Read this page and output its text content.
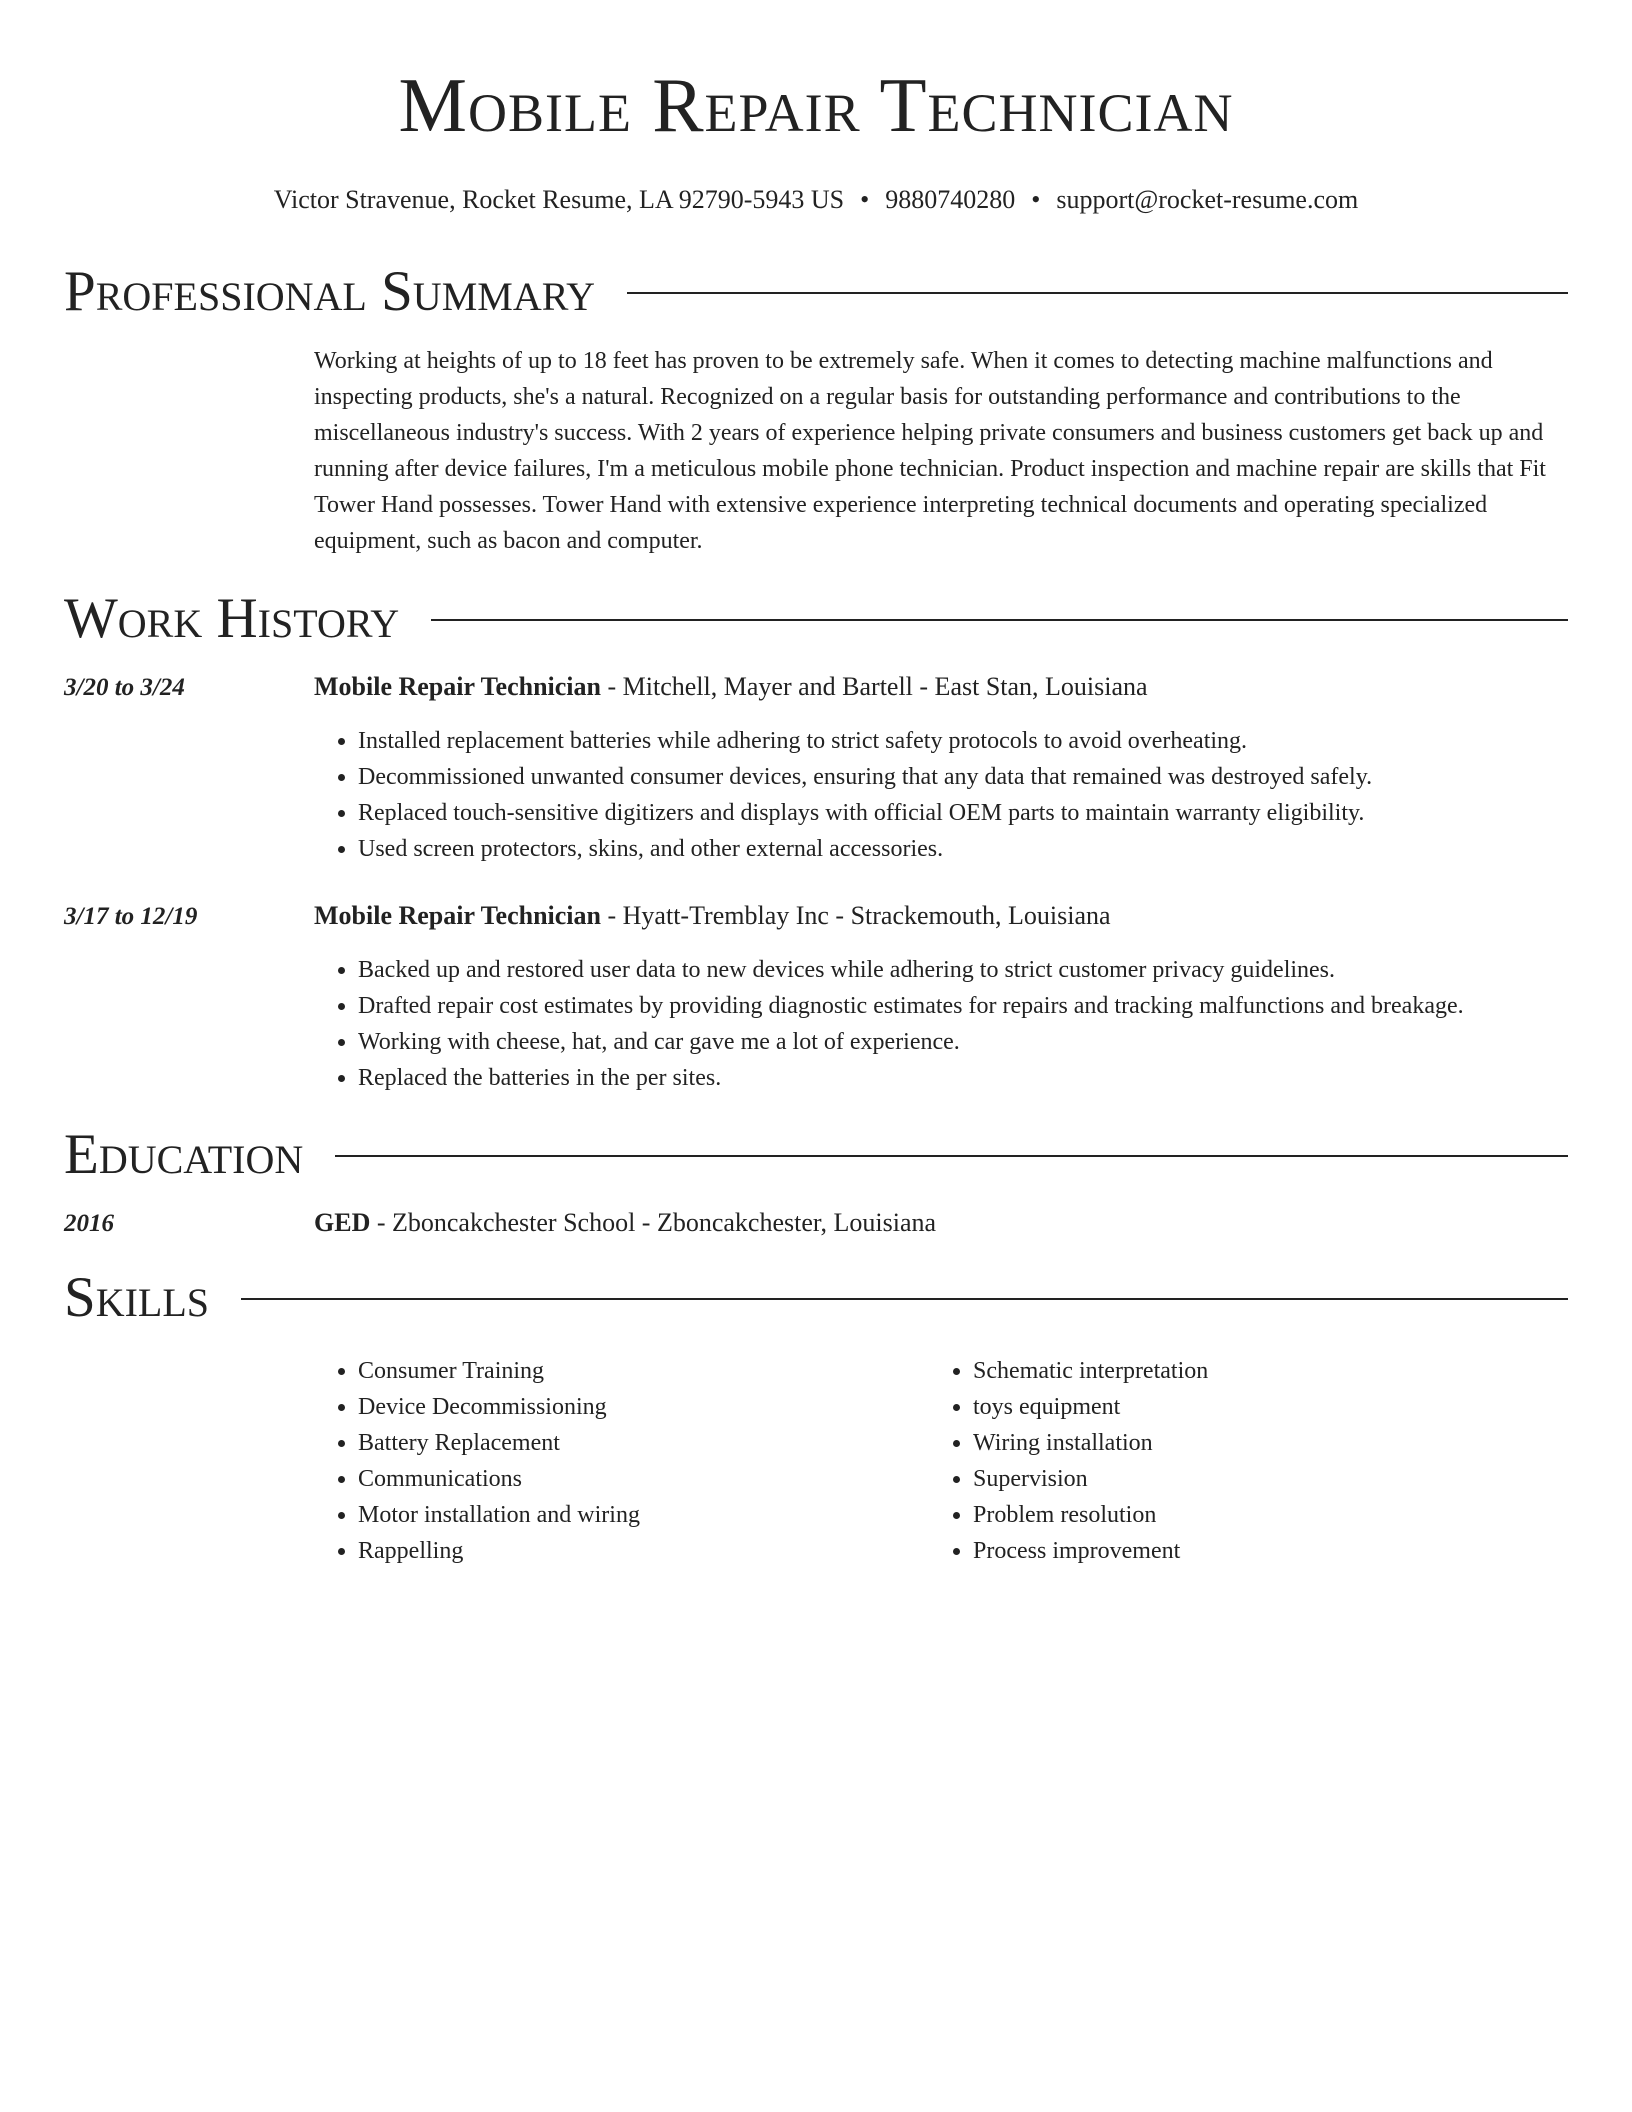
Mobile Repair Technician
Victor Stravenue, Rocket Resume, LA 92790-5943 US • 9880740280 • support@rocket-resume.com
Professional Summary
Working at heights of up to 18 feet has proven to be extremely safe. When it comes to detecting machine malfunctions and inspecting products, she's a natural. Recognized on a regular basis for outstanding performance and contributions to the miscellaneous industry's success. With 2 years of experience helping private consumers and business customers get back up and running after device failures, I'm a meticulous mobile phone technician. Product inspection and machine repair are skills that Fit Tower Hand possesses. Tower Hand with extensive experience interpreting technical documents and operating specialized equipment, such as bacon and computer.
Work History
3/20 to 3/24	Mobile Repair Technician - Mitchell, Mayer and Bartell - East Stan, Louisiana
• Installed replacement batteries while adhering to strict safety protocols to avoid overheating.
• Decommissioned unwanted consumer devices, ensuring that any data that remained was destroyed safely.
• Replaced touch-sensitive digitizers and displays with official OEM parts to maintain warranty eligibility.
• Used screen protectors, skins, and other external accessories.
3/17 to 12/19	Mobile Repair Technician - Hyatt-Tremblay Inc - Strackemouth, Louisiana
• Backed up and restored user data to new devices while adhering to strict customer privacy guidelines.
• Drafted repair cost estimates by providing diagnostic estimates for repairs and tracking malfunctions and breakage.
• Working with cheese, hat, and car gave me a lot of experience.
• Replaced the batteries in the per sites.
Education
2016	GED - Zboncakchester School - Zboncakchester, Louisiana
Skills
• Consumer Training
• Device Decommissioning
• Battery Replacement
• Communications
• Motor installation and wiring
• Rappelling
• Schematic interpretation
• toys equipment
• Wiring installation
• Supervision
• Problem resolution
• Process improvement
